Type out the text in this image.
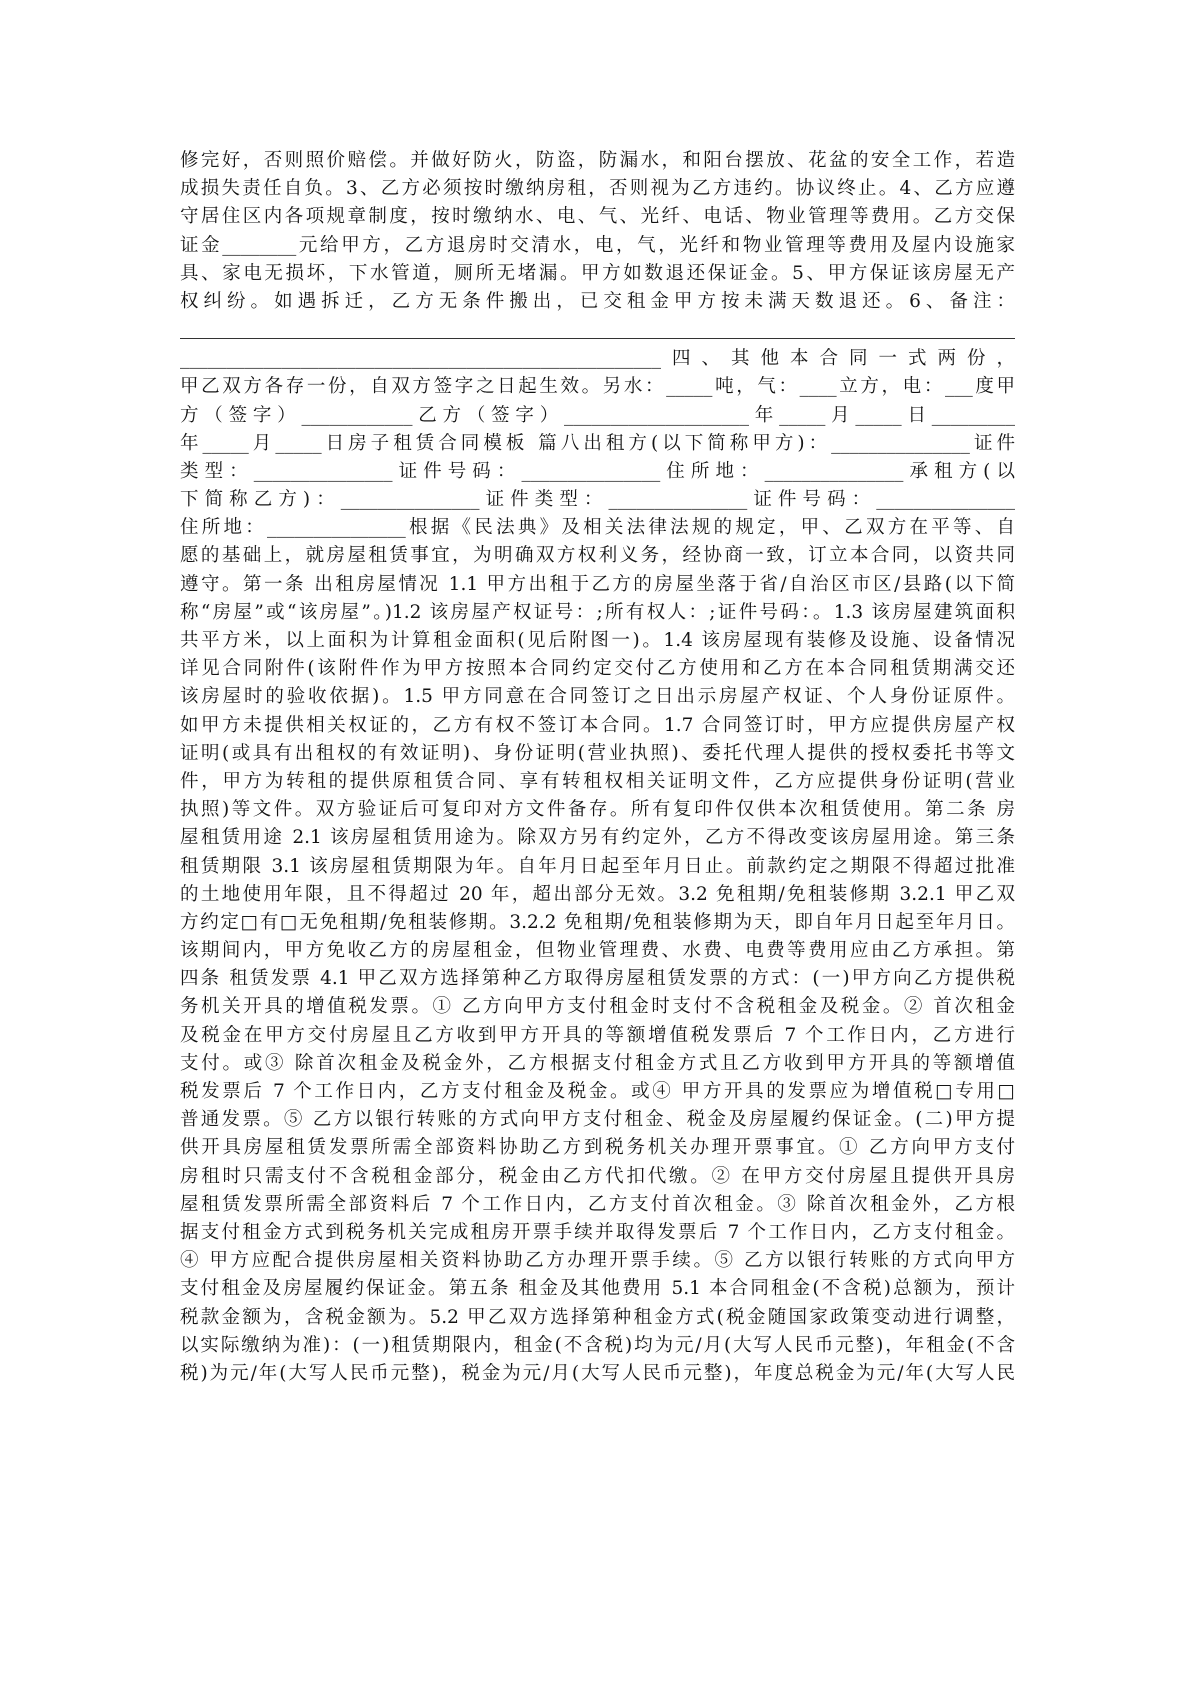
修完好，否则照价赔偿。并做好防火，防盗，防漏水，和阳台摆放、花盆的安全工作，若造
成损失责任自负。3、乙方必须按时缴纳房租，否则视为乙方违约。协议终止。4、乙方应遵
守居住区内各项规章制度，按时缴纳水、电、气、光纤、电话、物业管理等费用。乙方交保
证金________元给甲方，乙方退房时交清水，电，气，光纤和物业管理等费用及屋内设施家
具、家电无损坏，下水管道，厕所无堵漏。甲方如数退还保证金。5、甲方保证该房屋无产
权纠纷。如遇拆迁，乙方无条件搬出，已交租金甲方按未满天数退还。6、备注：
____________________________________________________四、其他本合同一式两份，
甲乙双方各存一份，自双方签字之日起生效。另水：_____吨，气：____立方，电：___度甲
方（签字）____________乙方（签字）____________________年_____月_____日_________
年_____月_____日房子租赁合同模板 篇八出租方(以下简称甲方)：_______________证件
类型：_______________证件号码：_______________住所地：_______________承租方(以
下简称乙方)：_______________证件类型：_______________证件号码：_______________
住所地：_______________根据《民法典》及相关法律法规的规定，甲、乙双方在平等、自
愿的基础上，就房屋租赁事宜，为明确双方权利义务，经协商一致，订立本合同，以资共同
遵守。第一条 出租房屋情况 1.1 甲方出租于乙方的房屋坐落于省/自治区市区/县路(以下简
称“房屋”或“该房屋”。)1.2 该房屋产权证号：;所有权人：;证件号码：。1.3 该房屋建筑面积
共平方米，以上面积为计算租金面积(见后附图一)。1.4 该房屋现有装修及设施、设备情况
详见合同附件(该附件作为甲方按照本合同约定交付乙方使用和乙方在本合同租赁期满交还
该房屋时的验收依据)。1.5 甲方同意在合同签订之日出示房屋产权证、个人身份证原件。
如甲方未提供相关权证的，乙方有权不签订本合同。1.7 合同签订时，甲方应提供房屋产权
证明(或具有出租权的有效证明)、身份证明(营业执照)、委托代理人提供的授权委托书等文
件，甲方为转租的提供原租赁合同、享有转租权相关证明文件，乙方应提供身份证明(营业
执照)等文件。双方验证后可复印对方文件备存。所有复印件仅供本次租赁使用。第二条 房
屋租赁用途 2.1 该房屋租赁用途为。除双方另有约定外，乙方不得改变该房屋用途。第三条
租赁期限 3.1 该房屋租赁期限为年。自年月日起至年月日止。前款约定之期限不得超过批准
的土地使用年限，且不得超过 20 年，超出部分无效。3.2 免租期/免租装修期 3.2.1 甲乙双
方约定□有□无免租期/免租装修期。3.2.2 免租期/免租装修期为天，即自年月日起至年月日。
该期间内，甲方免收乙方的房屋租金，但物业管理费、水费、电费等费用应由乙方承担。第
四条 租赁发票 4.1 甲乙双方选择第种乙方取得房屋租赁发票的方式：(一)甲方向乙方提供税
务机关开具的增值税发票。① 乙方向甲方支付租金时支付不含税租金及税金。② 首次租金
及税金在甲方交付房屋且乙方收到甲方开具的等额增值税发票后 7 个工作日内，乙方进行
支付。或③ 除首次租金及税金外，乙方根据支付租金方式且乙方收到甲方开具的等额增值
税发票后 7 个工作日内，乙方支付租金及税金。或④ 甲方开具的发票应为增值税□专用□
普通发票。⑤ 乙方以银行转账的方式向甲方支付租金、税金及房屋履约保证金。(二)甲方提
供开具房屋租赁发票所需全部资料协助乙方到税务机关办理开票事宜。① 乙方向甲方支付
房租时只需支付不含税租金部分，税金由乙方代扣代缴。② 在甲方交付房屋且提供开具房
屋租赁发票所需全部资料后 7 个工作日内，乙方支付首次租金。③ 除首次租金外，乙方根
据支付租金方式到税务机关完成租房开票手续并取得发票后 7 个工作日内，乙方支付租金。
④ 甲方应配合提供房屋相关资料协助乙方办理开票手续。⑤ 乙方以银行转账的方式向甲方
支付租金及房屋履约保证金。第五条 租金及其他费用 5.1 本合同租金(不含税)总额为，预计
税款金额为，含税金额为。5.2 甲乙双方选择第种租金方式(税金随国家政策变动进行调整，
以实际缴纳为准)：(一)租赁期限内，租金(不含税)均为元/月(大写人民币元整)，年租金(不含
税)为元/年(大写人民币元整)，税金为元/月(大写人民币元整)，年度总税金为元/年(大写人民
